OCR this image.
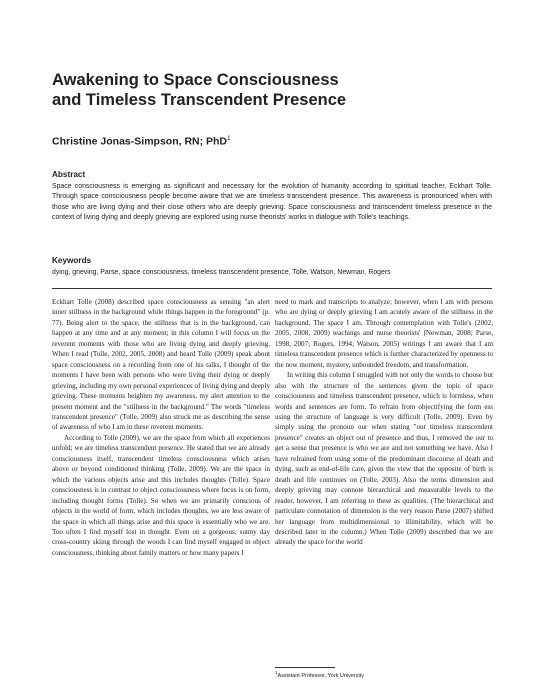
Awakening to Space Consciousness
and Timeless Transcendent Presence

Christine Jonas-Simpson, RN; PhD$^1$

Abstract

Space consciousness is emerging as significant and necessary for the evolution of humanity according to spiritual teacher, Eckhart Tolle. Through space consciousness people become aware that we are timeless transcendent presence. This awareness is pronounced when with those who are living dying and their close others who are deeply grieving. Space consciousness and transcendent timeless presence in the context of living dying and deeply grieving are explored using nurse theorists' works in dialogue with Tolle's teachings.

Keywords

dying, grieving, Parse, space consciousness, timeless transcendent presence, Tolle, Watson, Newman, Rogers

Eckhart Tolle (2008) described space consciousness as sensing "an alert inner stillness in the background while things happen in the foreground" (p. 77). Being alert to the space, the stillness that is in the background, can happen at any time and at any moment; in this column I will focus on the reverent moments with those who are living dying and deeply grieving. When I read (Tolle, 2002, 2005, 2008) and heard Tolle (2009) speak about space consciousness on a recording from one of his talks, I thought of the moments I have been with persons who were living their dying or deeply grieving, including my own personal experiences of living dying and deeply grieving. These moments heighten my awareness, my alert attention to the present moment and the "stillness in the background." The words "timeless transcendent presence" (Tolle, 2009) also struck me as describing the sense of awareness of who I am in these reverent moments.

According to Tolle (2009), we are the space from which all experiences unfold; we are timeless transcendent presence. He stated that we are already consciousness itself, transcendent timeless consciousness which arises above or beyond conditioned thinking (Tolle, 2009). We are the space in which the various objects arise and this includes thoughts (Tolle). Space consciousness is in contrast to object consciousness where focus is on form, including thought forms (Tolle). So when we are primarily conscious of objects in the world of form, which includes thoughts, we are less aware of the space in which all things arise and this space is essentially who we are. Too often I find myself lost in thought. Even on a gorgeous, sunny day cross-country skiing through the woods I can find myself engaged in object consciousness, thinking about family matters or how many papers I

need to mark and transcripts to analyze; however, when I am with persons who are dying or deeply grieving I am acutely aware of the stillness in the background. The space I am. Through contemplation with Tolle's (2002, 2005, 2008, 2009) teachings and nurse theorists' (Newman, 2008; Parse, 1998, 2007; Rogers, 1994; Watson, 2005) writings I am aware that I am timeless transcendent presence which is further characterized by openness to the now moment, mystery, unbounded freedom, and transformation.

In writing this column I struggled with not only the words to choose but also with the structure of the sentences given the topic of space consciousness and timeless transcendent presence, which is formless, when words and sentences are form. To refrain from objectifying the form ess using the structure of language is very difficult (Tolle, 2009). Even by simply using the pronoun our when stating "our timeless transcendent presence" creates an object out of presence and thus, I removed the our to get a sense that presence is who we are and not something we have. Also I have refrained from using some of the predominant discourse of death and dying, such as end-of-life care, given the view that the opposite of birth is death and life continues on (Tolle, 2003). Also the terms dimension and deeply grieving may connote hierarchical and measurable levels to the reader, however, I am referring to these as qualities. (The hierarchical and particulate connotation of dimension is the very reason Parse (2007) shifted her language from multidimensional to illimitability, which will be described later in the column.) When Tolle (2009) described that we are already the space for the world

$^1$Assistant Professor, York University
